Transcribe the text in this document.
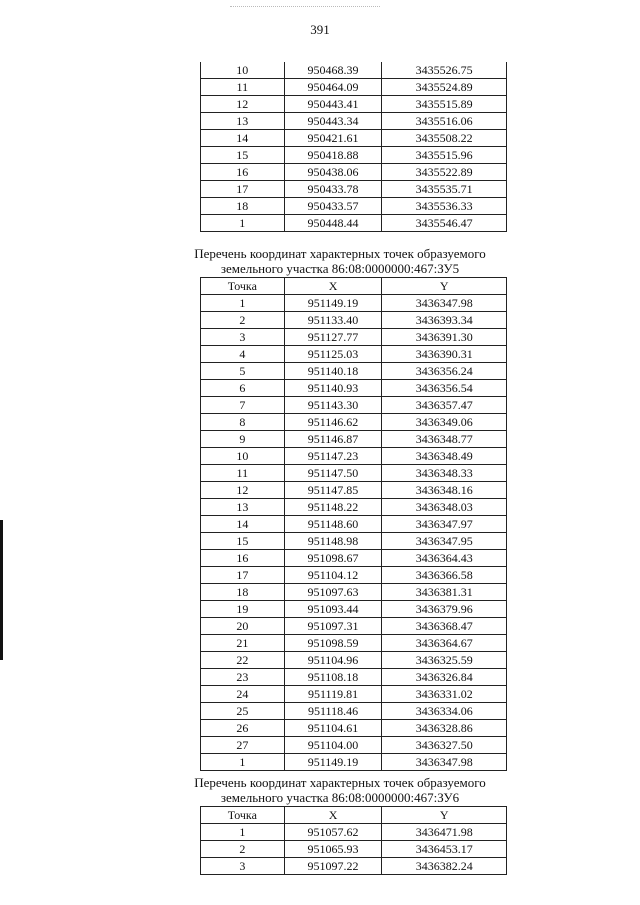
391
10	950468.39	3435526.75
11	950464.09	3435524.89
12	950443.41	3435515.89
13	950443.34	3435516.06
14	950421.61	3435508.22
15	950418.88	3435515.96
16	950438.06	3435522.89
17	950433.78	3435535.71
18	950433.57	3435536.33
1	950448.44	3435546.47
Перечень координат характерных точек образуемого
земельного участка 86:08:0000000:467:ЗУ5
Точка	X	Y
1	951149.19	3436347.98
2	951133.40	3436393.34
3	951127.77	3436391.30
4	951125.03	3436390.31
5	951140.18	3436356.24
6	951140.93	3436356.54
7	951143.30	3436357.47
8	951146.62	3436349.06
9	951146.87	3436348.77
10	951147.23	3436348.49
11	951147.50	3436348.33
12	951147.85	3436348.16
13	951148.22	3436348.03
14	951148.60	3436347.97
15	951148.98	3436347.95
16	951098.67	3436364.43
17	951104.12	3436366.58
18	951097.63	3436381.31
19	951093.44	3436379.96
20	951097.31	3436368.47
21	951098.59	3436364.67
22	951104.96	3436325.59
23	951108.18	3436326.84
24	951119.81	3436331.02
25	951118.46	3436334.06
26	951104.61	3436328.86
27	951104.00	3436327.50
1	951149.19	3436347.98
Перечень координат характерных точек образуемого
земельного участка 86:08:0000000:467:ЗУ6
Точка	X	Y
1	951057.62	3436471.98
2	951065.93	3436453.17
3	951097.22	3436382.24
